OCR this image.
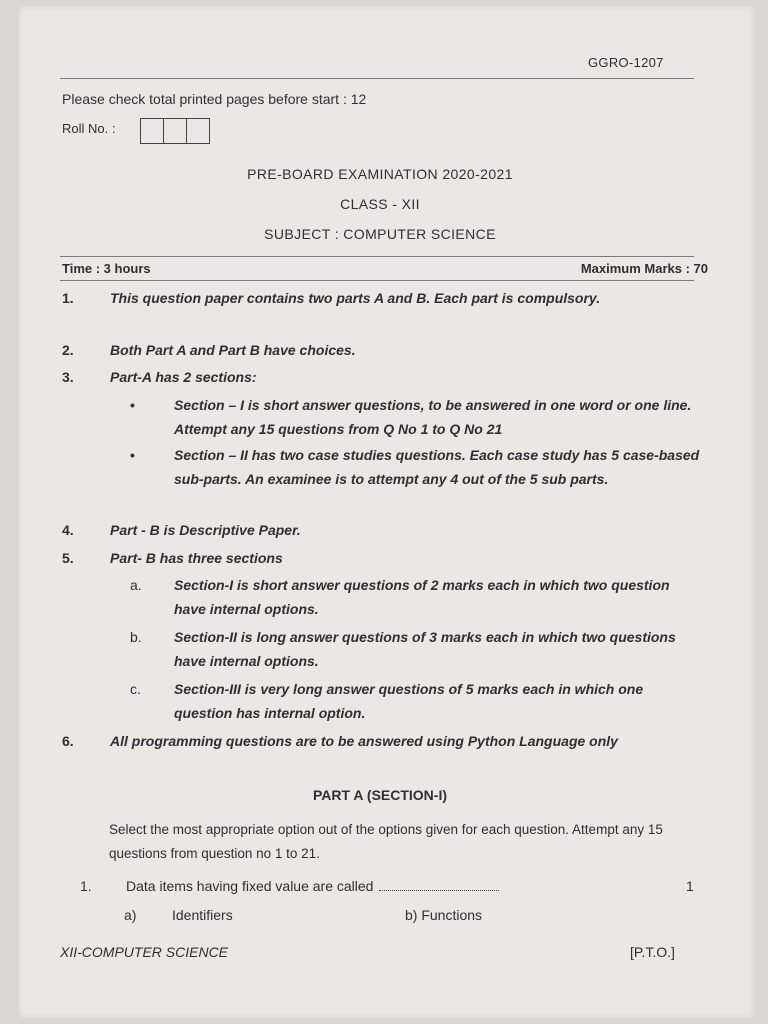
GGRO-1207
Please check total printed pages before start : 12
Roll No. :
PRE-BOARD EXAMINATION 2020-2021
CLASS - XII
SUBJECT : COMPUTER SCIENCE
Time : 3 hours	Maximum Marks : 70
1.	This question paper contains two parts A and B. Each part is compulsory.
2.	Both Part A and Part B have choices.
3.	Part-A has 2 sections:
•	Section – I is short answer questions, to be answered in one word or one line. Attempt any 15 questions from Q No 1 to Q No 21
•	Section – II has two case studies questions. Each case study has 5 case-based sub-parts. An examinee is to attempt any 4 out of the 5 sub parts.
4.	Part - B is Descriptive Paper.
5.	Part- B has three sections
a. Section-I is short answer questions of 2 marks each in which two question have internal options.
b. Section-II is long answer questions of 3 marks each in which two questions have internal options.
c. Section-III is very long answer questions of 5 marks each in which one question has internal option.
6.	All programming questions are to be answered using Python Language only
PART A (SECTION-I)
Select the most appropriate option out of the options given for each question. Attempt any 15 questions from question no 1 to 21.
1. Data items having fixed value are called	1
a)	Identifiers	b) Functions
XII-COMPUTER SCIENCE	[P.T.O.]
